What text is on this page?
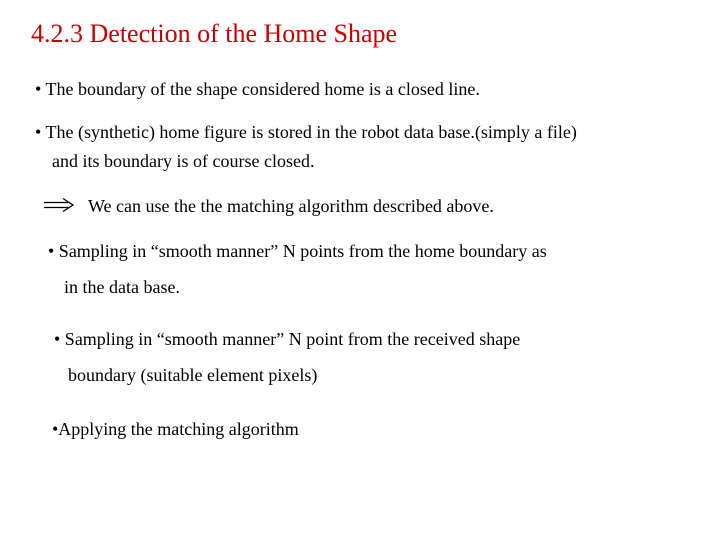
4.2.3 Detection of the Home Shape
• The boundary of the shape considered home is a closed line.
• The (synthetic) home figure is stored in the robot data base.(simply a file)
and its boundary is of course closed.
We can use the the matching algorithm described above.
• Sampling in “smooth manner” N points from the home boundary as
in the data base.
• Sampling in “smooth manner” N point from the received shape
boundary (suitable element pixels)
•Applying the matching algorithm
